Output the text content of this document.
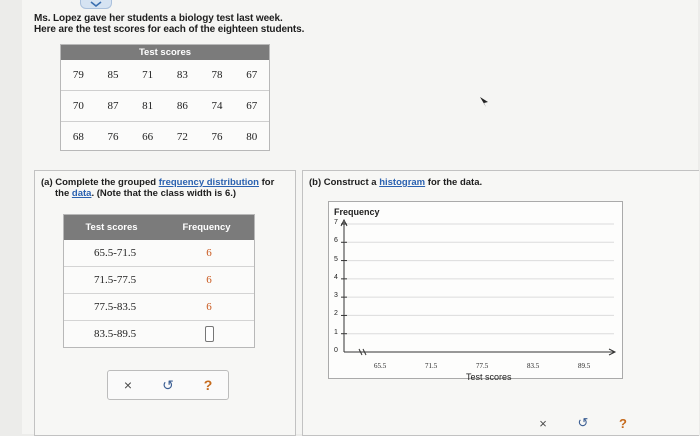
Ms. Lopez gave her students a biology test last week.
Here are the test scores for each of the eighteen students.
Test scores
79	85	71	83	78	67
70	87	81	86	74	67
68	76	66	72	76	80
(a) Complete the grouped frequency distribution for
the data. (Note that the class width is 6.)
Test scores	Frequency
65.5-71.5	6
71.5-77.5	6
77.5-83.5	6
83.5-89.5
×	↺	?
(b) Construct a histogram for the data.
Frequency
0
1
2
3
4
5
6
7
65.5	71.5	77.5	83.5	89.5
Test scores
×	↺	?
